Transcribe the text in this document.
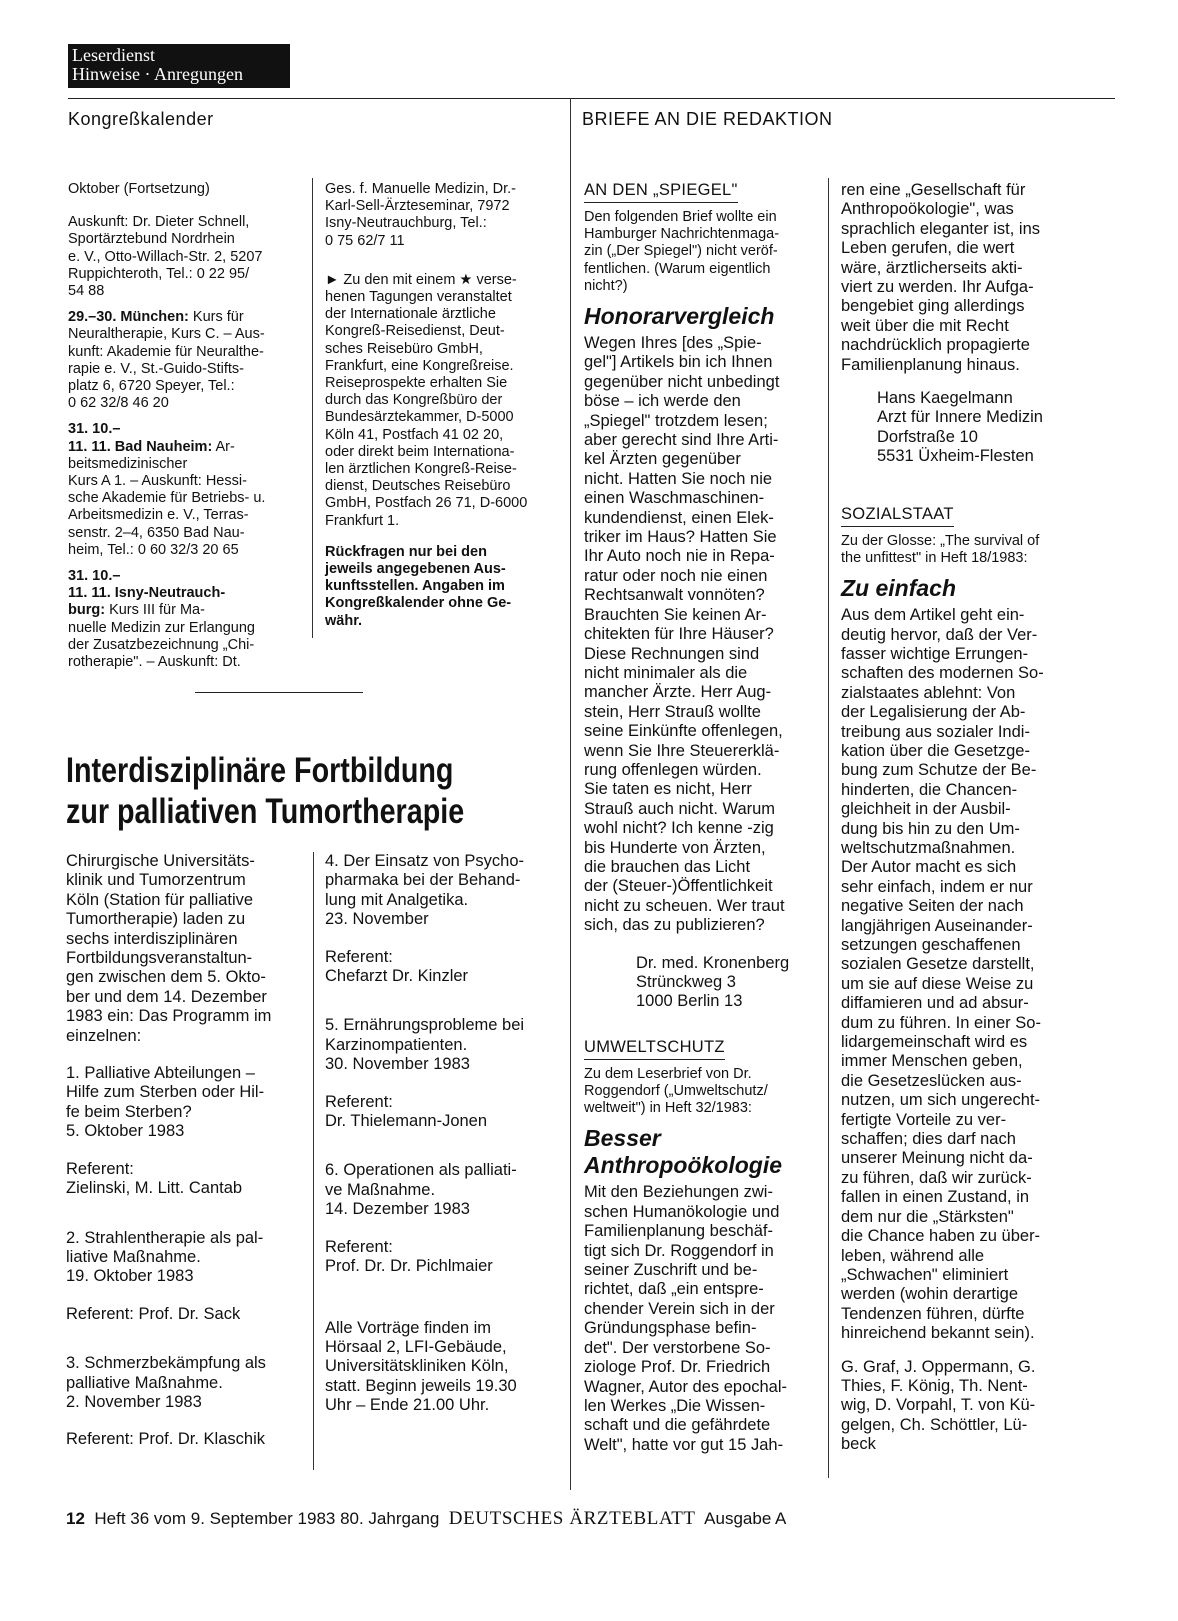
Leserdienst
Hinweise · Anregungen
Kongreßkalender	BRIEFE AN DIE REDAKTION
Oktober (Fortsetzung)
Auskunft: Dr. Dieter Schnell,
Sportärztebund Nordrhein
e. V., Otto-Willach-Str. 2, 5207
Ruppichteroth, Tel.: 0 22 95/
54 88
29.–30. München: Kurs für
Neuraltherapie, Kurs C. – Aus-
kunft: Akademie für Neuralthe-
rapie e. V., St.-Guido-Stifts-
platz 6, 6720 Speyer, Tel.:
0 62 32/8 46 20
31. 10.–
11. 11. Bad Nauheim: Ar-
beitsmedizinischer
Kurs A 1. – Auskunft: Hessi-
sche Akademie für Betriebs- u.
Arbeitsmedizin e. V., Terras-
senstr. 2–4, 6350 Bad Nau-
heim, Tel.: 0 60 32/3 20 65
31. 10.–
11. 11. Isny-Neutrauch-
burg: Kurs III für Ma-
nuelle Medizin zur Erlangung
der Zusatzbezeichnung „Chi-
rotherapie". – Auskunft: Dt.
Ges. f. Manuelle Medizin, Dr.-
Karl-Sell-Ärzteseminar, 7972
Isny-Neutrauchburg, Tel.:
0 75 62/7 11
► Zu den mit einem ★ verse-
henen Tagungen veranstaltet
der Internationale ärztliche
Kongreß-Reisedienst, Deut-
sches Reisebüro GmbH,
Frankfurt, eine Kongreßreise.
Reiseprospekte erhalten Sie
durch das Kongreßbüro der
Bundesärztekammer, D-5000
Köln 41, Postfach 41 02 20,
oder direkt beim Internationa-
len ärztlichen Kongreß-Reise-
dienst, Deutsches Reisebüro
GmbH, Postfach 26 71, D-6000
Frankfurt 1.
Rückfragen nur bei den
jeweils angegebenen Aus-
kunftsstellen. Angaben im
Kongreßkalender ohne Ge-
währ.
Interdisziplinäre Fortbildung
zur palliativen Tumortherapie
Chirurgische Universitäts-
klinik und Tumorzentrum
Köln (Station für palliative
Tumortherapie) laden zu
sechs interdisziplinären
Fortbildungsveranstaltun-
gen zwischen dem 5. Okto-
ber und dem 14. Dezember
1983 ein: Das Programm im
einzelnen:
1. Palliative Abteilungen –
Hilfe zum Sterben oder Hil-
fe beim Sterben?
5. Oktober 1983
Referent:
Zielinski, M. Litt. Cantab
2. Strahlentherapie als pal-
liative Maßnahme.
19. Oktober 1983
Referent: Prof. Dr. Sack
3. Schmerzbekämpfung als
palliative Maßnahme.
2. November 1983
Referent: Prof. Dr. Klaschik
4. Der Einsatz von Psycho-
pharmaka bei der Behand-
lung mit Analgetika.
23. November
Referent:
Chefarzt Dr. Kinzler
5. Ernährungsprobleme bei
Karzinompatienten.
30. November 1983
Referent:
Dr. Thielemann-Jonen
6. Operationen als palliati-
ve Maßnahme.
14. Dezember 1983
Referent:
Prof. Dr. Dr. Pichlmaier
Alle Vorträge finden im
Hörsaal 2, LFI-Gebäude,
Universitätskliniken Köln,
statt. Beginn jeweils 19.30
Uhr – Ende 21.00 Uhr.
AN DEN „SPIEGEL"
Den folgenden Brief wollte ein
Hamburger Nachrichtenmaga-
zin („Der Spiegel") nicht veröf-
fentlichen. (Warum eigentlich
nicht?)
Honorarvergleich
Wegen Ihres [des „Spie-
gel"] Artikels bin ich Ihnen
gegenüber nicht unbedingt
böse – ich werde den
„Spiegel" trotzdem lesen;
aber gerecht sind Ihre Arti-
kel Ärzten gegenüber
nicht. Hatten Sie noch nie
einen Waschmaschinen-
kundendienst, einen Elek-
triker im Haus? Hatten Sie
Ihr Auto noch nie in Repa-
ratur oder noch nie einen
Rechtsanwalt vonnöten?
Brauchten Sie keinen Ar-
chitekten für Ihre Häuser?
Diese Rechnungen sind
nicht minimaler als die
mancher Ärzte. Herr Aug-
stein, Herr Strauß wollte
seine Einkünfte offenlegen,
wenn Sie Ihre Steuererklä-
rung offenlegen würden.
Sie taten es nicht, Herr
Strauß auch nicht. Warum
wohl nicht? Ich kenne -zig
bis Hunderte von Ärzten,
die brauchen das Licht
der (Steuer-)Öffentlichkeit
nicht zu scheuen. Wer traut
sich, das zu publizieren?
Dr. med. Kronenberg
Strünckweg 3
1000 Berlin 13
UMWELTSCHUTZ
Zu dem Leserbrief von Dr.
Roggendorf („Umweltschutz/
weltweit") in Heft 32/1983:
Besser
Anthropoökologie
Mit den Beziehungen zwi-
schen Humanökologie und
Familienplanung beschäf-
tigt sich Dr. Roggendorf in
seiner Zuschrift und be-
richtet, daß „ein entspre-
chender Verein sich in der
Gründungsphase befin-
det". Der verstorbene So-
ziologe Prof. Dr. Friedrich
Wagner, Autor des epochal-
len Werkes „Die Wissen-
schaft und die gefährdete
Welt", hatte vor gut 15 Jah-
ren eine „Gesellschaft für
Anthropoökologie", was
sprachlich eleganter ist, ins
Leben gerufen, die wert
wäre, ärztlicherseits akti-
viert zu werden. Ihr Aufga-
bengebiet ging allerdings
weit über die mit Recht
nachdrücklich propagierte
Familienplanung hinaus.
Hans Kaegelmann
Arzt für Innere Medizin
Dorfstraße 10
5531 Üxheim-Flesten
SOZIALSTAAT
Zu der Glosse: „The survival of
the unfittest" in Heft 18/1983:
Zu einfach
Aus dem Artikel geht ein-
deutig hervor, daß der Ver-
fasser wichtige Errungen-
schaften des modernen So-
zialstaates ablehnt: Von
der Legalisierung der Ab-
treibung aus sozialer Indi-
kation über die Gesetzge-
bung zum Schutze der Be-
hinderten, die Chancen-
gleichheit in der Ausbil-
dung bis hin zu den Um-
weltschutzmaßnahmen.
Der Autor macht es sich
sehr einfach, indem er nur
negative Seiten der nach
langjährigen Auseinander-
setzungen geschaffenen
sozialen Gesetze darstellt,
um sie auf diese Weise zu
diffamieren und ad absur-
dum zu führen. In einer So-
lidargemeinschaft wird es
immer Menschen geben,
die Gesetzeslücken aus-
nutzen, um sich ungerecht-
fertigte Vorteile zu ver-
schaffen; dies darf nach
unserer Meinung nicht da-
zu führen, daß wir zurück-
fallen in einen Zustand, in
dem nur die „Stärksten"
die Chance haben zu über-
leben, während alle
„Schwachen" eliminiert
werden (wohin derartige
Tendenzen führen, dürfte
hinreichend bekannt sein).
G. Graf, J. Oppermann, G.
Thies, F. König, Th. Nent-
wig, D. Vorpahl, T. von Kü-
gelgen, Ch. Schöttler, Lü-
beck
12 Heft 36 vom 9. September 1983 80. Jahrgang DEUTSCHES ÄRZTEBLATT Ausgabe A
